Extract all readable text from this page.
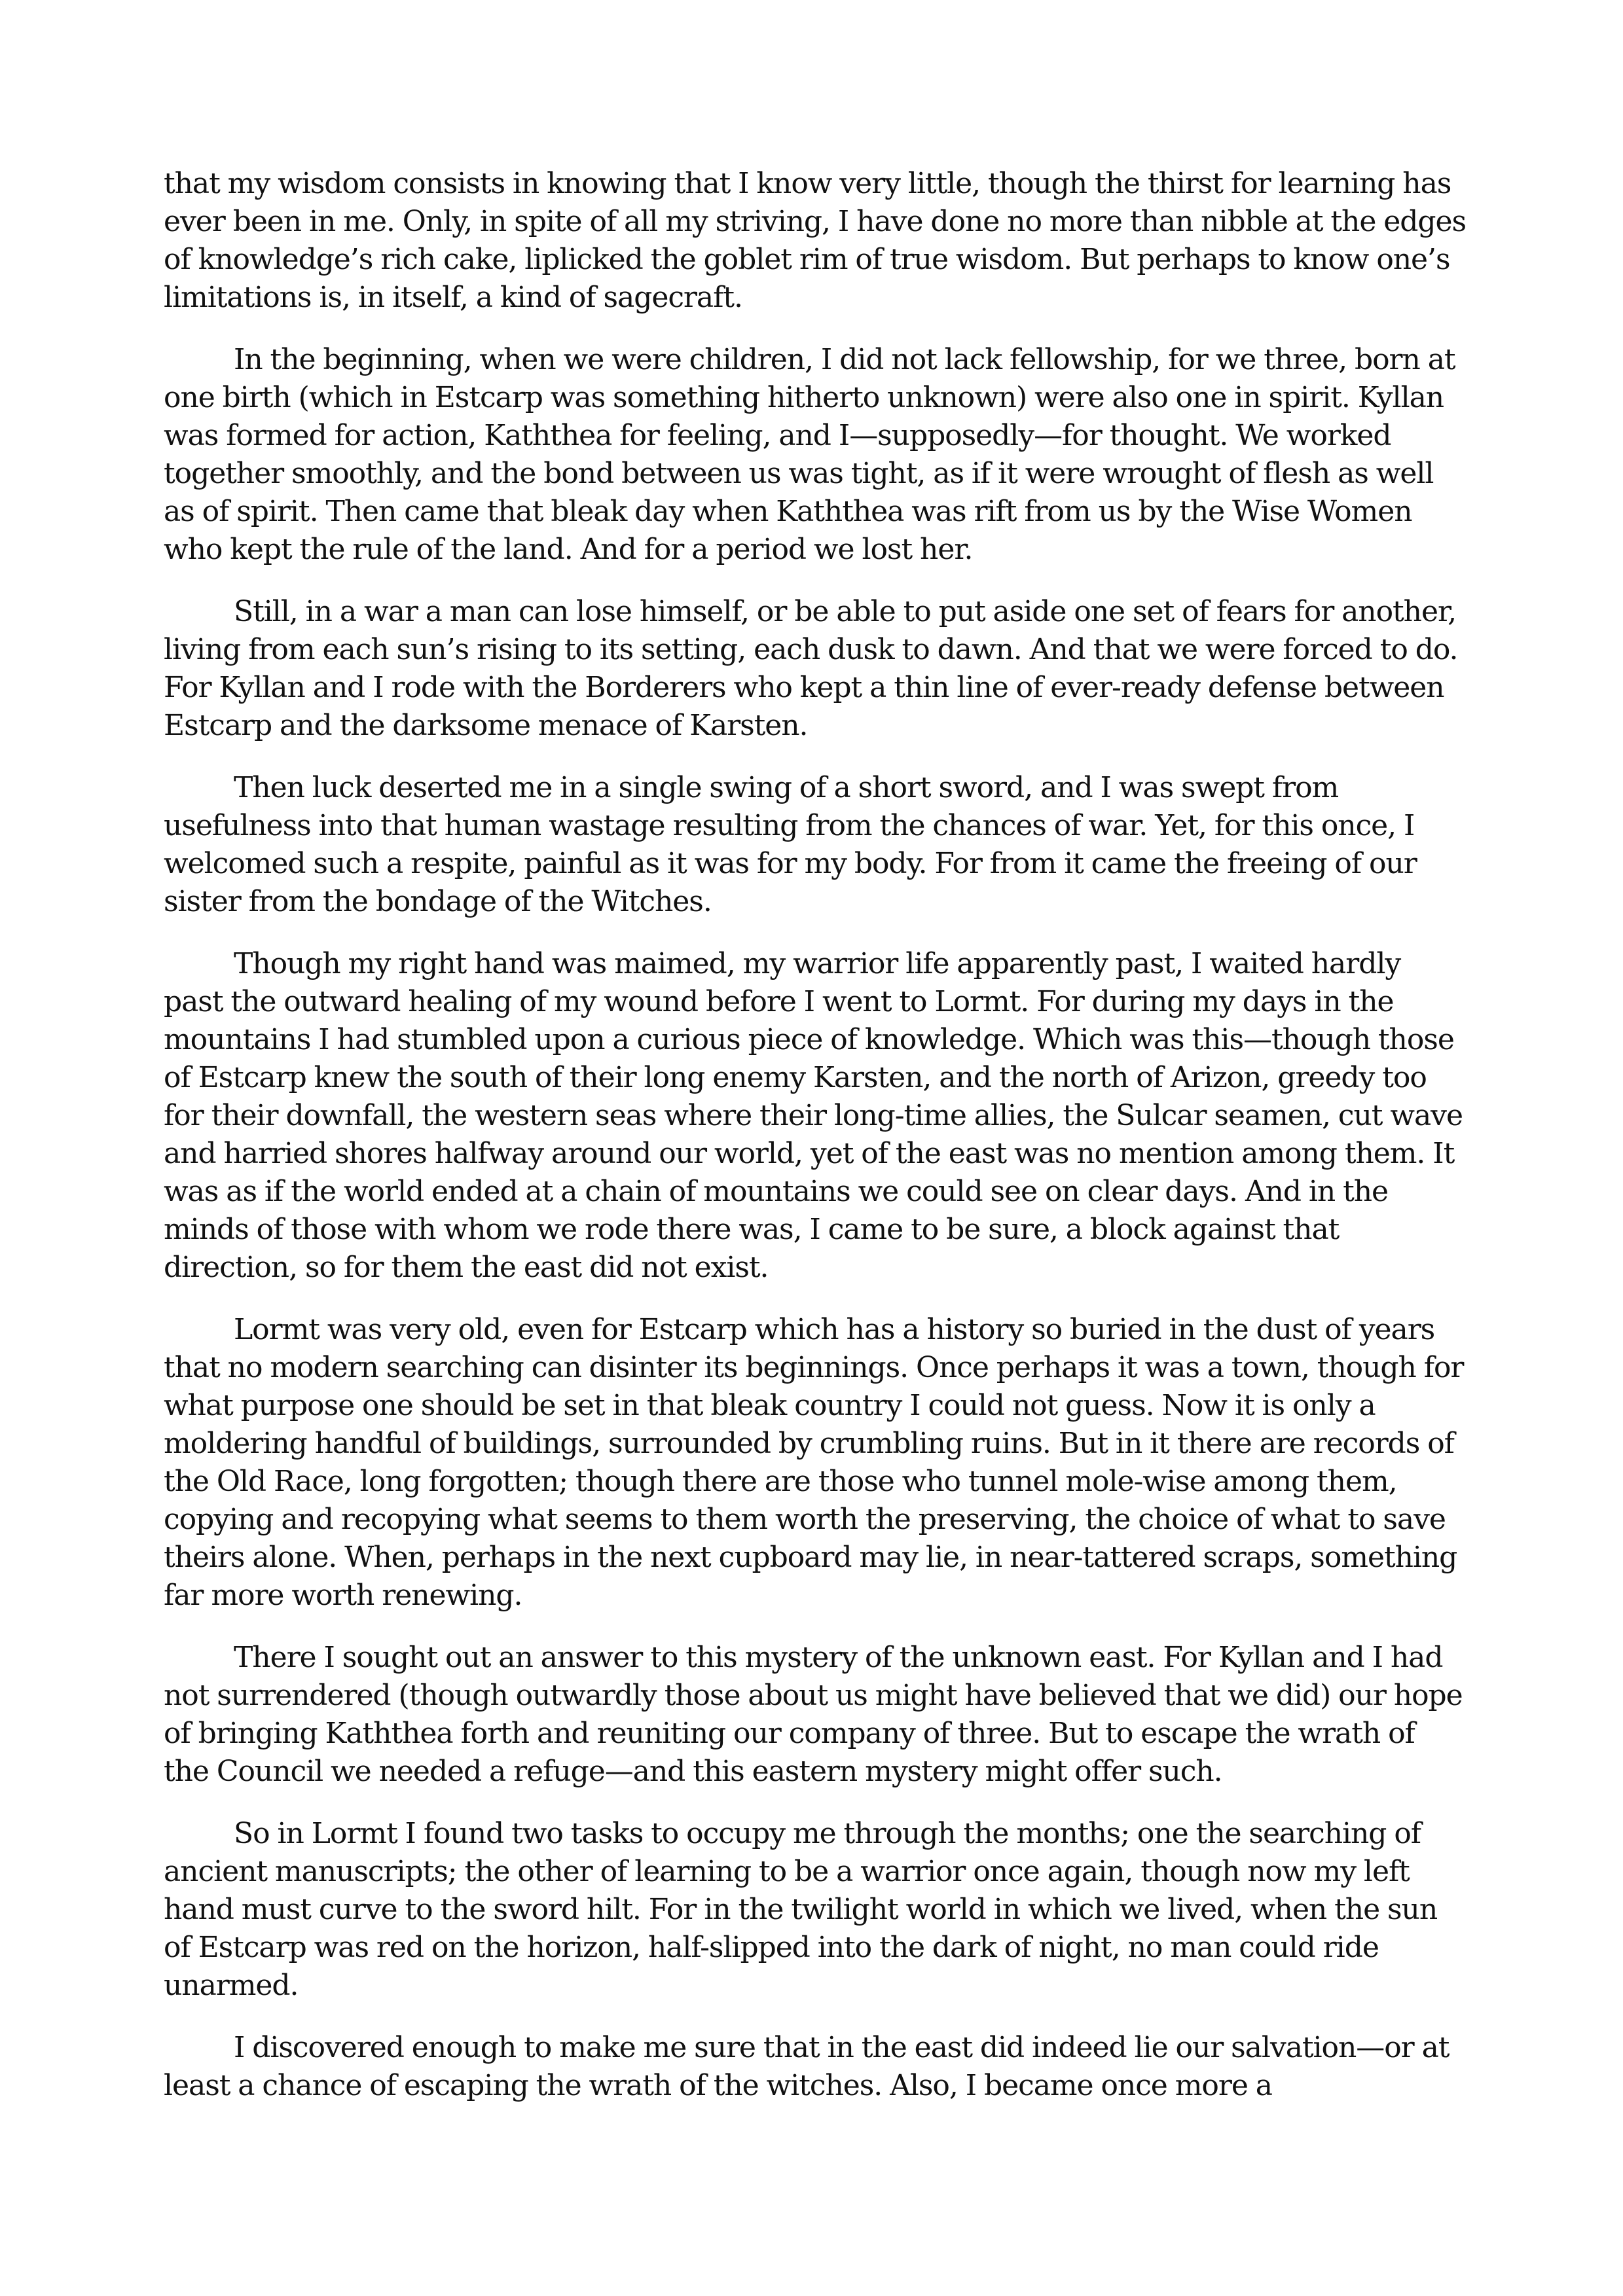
that my wisdom consists in knowing that I know very little, though the thirst for learning has ever been in me. Only, in spite of all my striving, I have done no more than nibble at the edges of knowledge’s rich cake, liplicked the goblet rim of true wisdom. But perhaps to know one’s limitations is, in itself, a kind of sagecraft.

In the beginning, when we were children, I did not lack fellowship, for we three, born at one birth (which in Estcarp was something hitherto unknown) were also one in spirit. Kyllan was formed for action, Kaththea for feeling, and I—supposedly—for thought. We worked together smoothly, and the bond between us was tight, as if it were wrought of flesh as well as of spirit. Then came that bleak day when Kaththea was rift from us by the Wise Women who kept the rule of the land. And for a period we lost her.

Still, in a war a man can lose himself, or be able to put aside one set of fears for another, living from each sun’s rising to its setting, each dusk to dawn. And that we were forced to do. For Kyllan and I rode with the Borderers who kept a thin line of ever-ready defense between Estcarp and the darksome menace of Karsten.

Then luck deserted me in a single swing of a short sword, and I was swept from usefulness into that human wastage resulting from the chances of war. Yet, for this once, I welcomed such a respite, painful as it was for my body. For from it came the freeing of our sister from the bondage of the Witches.

Though my right hand was maimed, my warrior life apparently past, I waited hardly past the outward healing of my wound before I went to Lormt. For during my days in the mountains I had stumbled upon a curious piece of knowledge. Which was this—though those of Estcarp knew the south of their long enemy Karsten, and the north of Arizon, greedy too for their downfall, the western seas where their long-time allies, the Sulcar seamen, cut wave and harried shores halfway around our world, yet of the east was no mention among them. It was as if the world ended at a chain of mountains we could see on clear days. And in the minds of those with whom we rode there was, I came to be sure, a block against that direction, so for them the east did not exist.

Lormt was very old, even for Estcarp which has a history so buried in the dust of years that no modern searching can disinter its beginnings. Once perhaps it was a town, though for what purpose one should be set in that bleak country I could not guess. Now it is only a moldering handful of buildings, surrounded by crumbling ruins. But in it there are records of the Old Race, long forgotten; though there are those who tunnel mole-wise among them, copying and recopying what seems to them worth the preserving, the choice of what to save theirs alone. When, perhaps in the next cupboard may lie, in near-tattered scraps, something far more worth renewing.

There I sought out an answer to this mystery of the unknown east. For Kyllan and I had not surrendered (though outwardly those about us might have believed that we did) our hope of bringing Kaththea forth and reuniting our company of three. But to escape the wrath of the Council we needed a refuge—and this eastern mystery might offer such.

So in Lormt I found two tasks to occupy me through the months; one the searching of ancient manuscripts; the other of learning to be a warrior once again, though now my left hand must curve to the sword hilt. For in the twilight world in which we lived, when the sun of Estcarp was red on the horizon, half-slipped into the dark of night, no man could ride unarmed.

I discovered enough to make me sure that in the east did indeed lie our salvation—or at least a chance of escaping the wrath of the witches. Also, I became once more a
